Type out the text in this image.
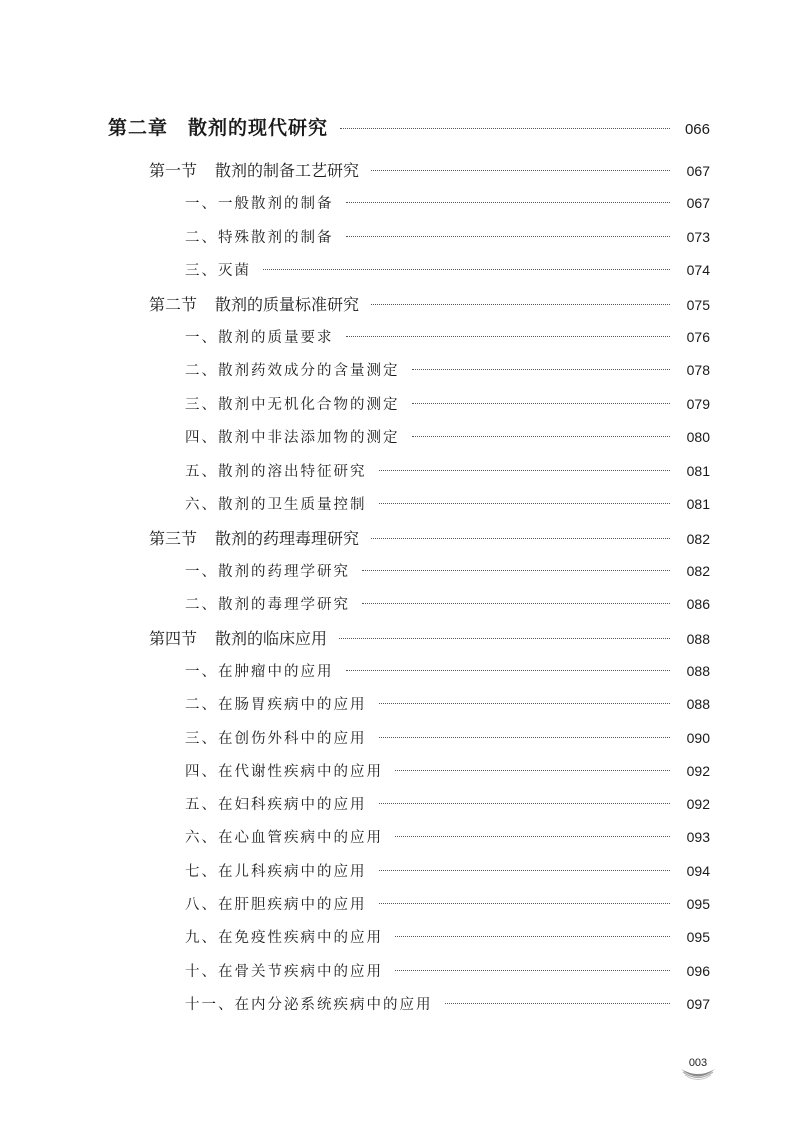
第二章 散剂的现代研究	066
第一节 散剂的制备工艺研究	067
一、一般散剂的制备	067
二、特殊散剂的制备	073
三、灭菌	074
第二节 散剂的质量标准研究	075
一、散剂的质量要求	076
二、散剂药效成分的含量测定	078
三、散剂中无机化合物的测定	079
四、散剂中非法添加物的测定	080
五、散剂的溶出特征研究	081
六、散剂的卫生质量控制	081
第三节 散剂的药理毒理研究	082
一、散剂的药理学研究	082
二、散剂的毒理学研究	086
第四节 散剂的临床应用	088
一、在肿瘤中的应用	088
二、在肠胃疾病中的应用	088
三、在创伤外科中的应用	090
四、在代谢性疾病中的应用	092
五、在妇科疾病中的应用	092
六、在心血管疾病中的应用	093
七、在儿科疾病中的应用	094
八、在肝胆疾病中的应用	095
九、在免疫性疾病中的应用	095
十、在骨关节疾病中的应用	096
十一、在内分泌系统疾病中的应用	097
003
